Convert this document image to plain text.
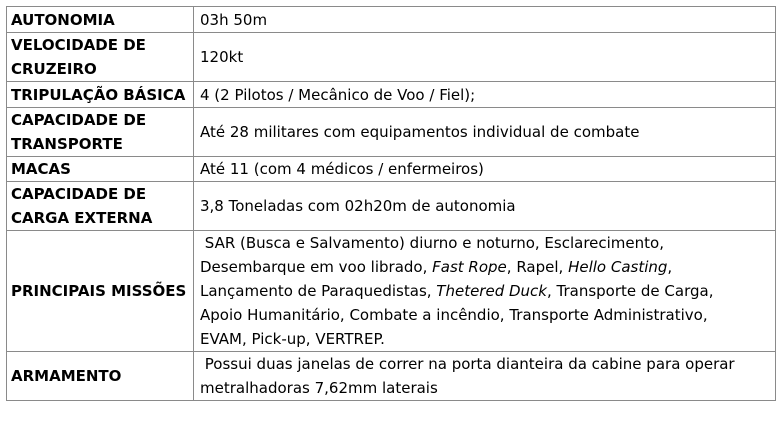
AUTONOMIA	03h 50m
VELOCIDADE DE
CRUZEIRO	120kt
TRIPULAÇÃO BÁSICA	4 (2 Pilotos / Mecânico de Voo / Fiel);
CAPACIDADE DE
TRANSPORTE	Até 28 militares com equipamentos individual de combate
MACAS	Até 11 (com 4 médicos / enfermeiros)
CAPACIDADE DE
CARGA EXTERNA	3,8 Toneladas com 02h20m de autonomia
PRINCIPAIS MISSÕES	SAR (Busca e Salvamento) diurno e noturno, Esclarecimento,
Desembarque em voo librado, Fast Rope, Rapel, Hello Casting,
Lançamento de Paraquedistas, Thetered Duck, Transporte de Carga,
Apoio Humanitário, Combate a incêndio, Transporte Administrativo,
EVAM, Pick-up, VERTREP.
ARMAMENTO	Possui duas janelas de correr na porta dianteira da cabine para operar
metralhadoras 7,62mm laterais
